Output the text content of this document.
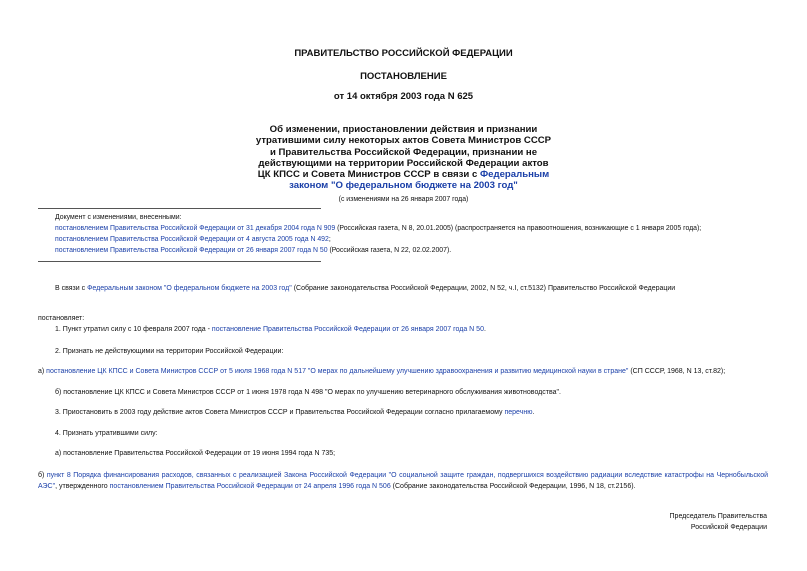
ПРАВИТЕЛЬСТВО РОССИЙСКОЙ ФЕДЕРАЦИИ
ПОСТАНОВЛЕНИЕ
от 14 октября 2003 года N 625
Об изменении, приостановлении действия и признании
утратившими силу некоторых актов Совета Министров СССР
и Правительства Российской Федерации, признании не
действующими на территории Российской Федерации актов
ЦК КПСС и Совета Министров СССР в связи с Федеральным
законом "О федеральном бюджете на 2003 год"
(с изменениями на 26 января 2007 года)
Документ с изменениями, внесенными:
постановлением Правительства Российской Федерации от 31 декабря 2004 года N 909 (Российская газета, N 8, 20.01.2005) (распространяется на правоотношения, возникающие с 1 января 2005 года);
постановлением Правительства Российской Федерации от 4 августа 2005 года N 492;
постановлением Правительства Российской Федерации от 26 января 2007 года N 50 (Российская газета, N 22, 02.02.2007).
В связи с Федеральным законом "О федеральном бюджете на 2003 год" (Собрание законодательства Российской Федерации, 2002, N 52, ч.I, ст.5132) Правительство Российской Федерации
постановляет:
1. Пункт утратил силу с 10 февраля 2007 года - постановление Правительства Российской Федерации от 26 января 2007 года N 50.
2. Признать не действующими на территории Российской Федерации:
а) постановление ЦК КПСС и Совета Министров СССР от 5 июля 1968 года N 517 "О мерах по дальнейшему улучшению здравоохранения и развитию медицинской науки в стране" (СП СССР, 1968, N 13, ст.82);
б) постановление ЦК КПСС и Совета Министров СССР от 1 июня 1978 года N 498 "О мерах по улучшению ветеринарного обслуживания животноводства".
3. Приостановить в 2003 году действие актов Совета Министров СССР и Правительства Российской Федерации согласно прилагаемому перечню.
4. Признать утратившими силу:
а) постановление Правительства Российской Федерации от 19 июня 1994 года N 735;
б) пункт 8 Порядка финансирования расходов, связанных с реализацией Закона Российской Федерации "О социальной защите граждан, подвергшихся воздействию радиации вследствие катастрофы на Чернобыльской АЭС", утвержденного постановлением Правительства Российской Федерации от 24 апреля 1996 года N 506 (Собрание законодательства Российской Федерации, 1996, N 18, ст.2156).
Председатель Правительства
Российской Федерации
